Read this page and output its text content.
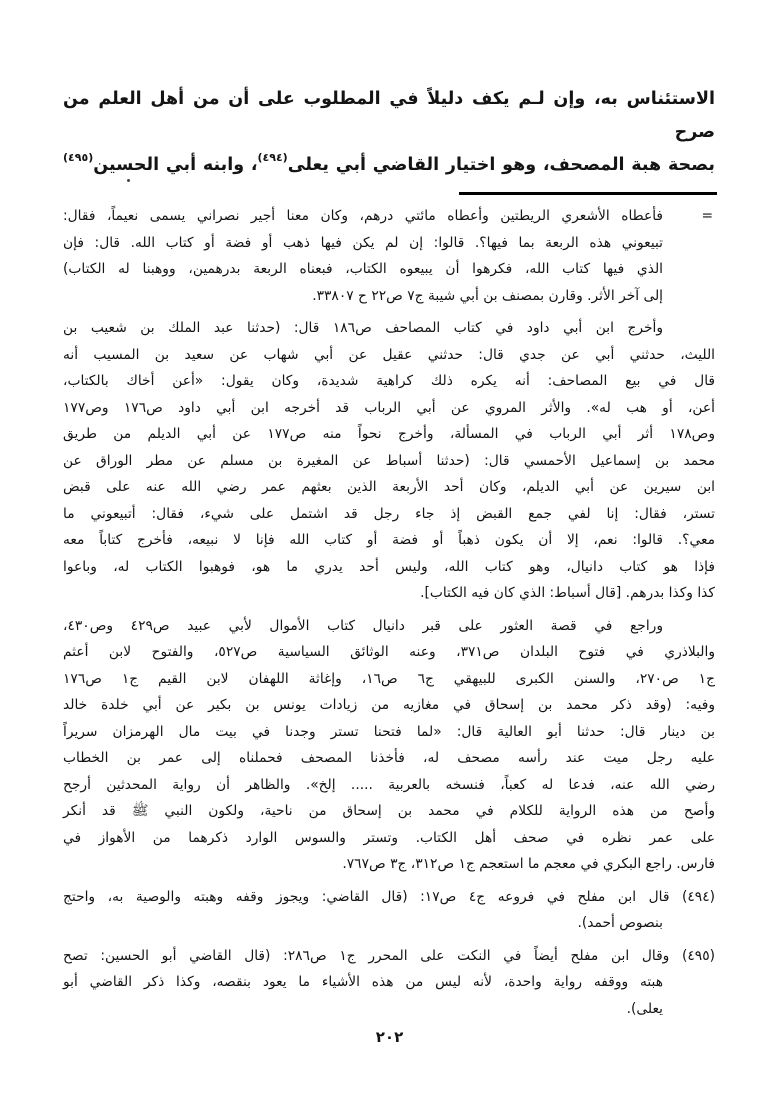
الاستئناس به، وإن لـم يكف دليلاً في المطلوب على أن من أهل العلم من صرح
بصحة هبة المصحف، وهو اختيار القاضي أبي يعلى$^{(٤٩٤)}$، وابنه أبي الحسين$^{(٤٩٥)}$
فأعطاه الأشعري الريطتين وأعطاه مائتي درهم، وكان معنا أجير نصراني يسمى نعيماً، فقال:	=
تبيعوني هذه الربعة بما فيها؟. قالوا: إن لم يكن فيها ذهب أو فضة أو كتاب الله. قال: فإن
الذي فيها كتاب الله، فكرهوا أن يبيعوه الكتاب، فبعناه الربعة بدرهمين، ووهبنا له الكتاب)
إلى آخر الأثر. وقارن بمصنف بن أبي شيبة ج٧ ص٢٢ ح ٣٣٨٠٧.
وأخرج ابن أبي داود في كتاب المصاحف ص١٨٦ قال: (حدثنا عبد الملك بن شعيب بن
الليث، حدثني أبي عن جدي قال: حدثني عقيل عن أبي شهاب عن سعيد بن المسيب أنه
قال في بيع المصاحف: أنه يكره ذلك كراهية شديدة، وكان يقول: «أعن أخاك بالكتاب،
أعن، أو هب له». والأثر المروي عن أبي الرباب قد أخرجه ابن أبي داود ص١٧٦ وص١٧٧
وص١٧٨ أثر أبي الرباب في المسألة، وأخرج نحواً منه ص١٧٧ عن أبي الديلم من طريق
محمد بن إسماعيل الأحمسي قال: (حدثنا أسباط عن المغيرة بن مسلم عن مطر الوراق عن
ابن سيرين عن أبي الديلم، وكان أحد الأربعة الذين بعثهم عمر رضي الله عنه على قبض
تستر، فقال: إنا لفي جمع القبض إذ جاء رجل قد اشتمل على شيء، فقال: أتبيعوني ما
معي؟. قالوا: نعم، إلا أن يكون ذهباً أو فضة أو كتاب الله فإنا لا نبيعه، فأخرج كتاباً معه
فإذا هو كتاب دانيال، وهو كتاب الله، وليس أحد يدري ما هو، فوهبوا الكتاب له، وباعوا
كذا وكذا بدرهم. [قال أسباط: الذي كان فيه الكتاب].
وراجع في قصة العثور على قبر دانيال كتاب الأموال لأبي عبيد ص٤٢٩ وص٤٣٠،
والبلاذري في فتوح البلدان ص٣٧١، وعنه الوثائق السياسية ص٥٢٧، والفتوح لابن أعثم
ج١ ص٢٧٠، والسنن الكبرى للبيهقي ج٦ ص١٦، وإغاثة اللهفان لابن القيم ج١ ص١٧٦
وفيه: (وقد ذكر محمد بن إسحاق في مغازيه من زيادات يونس بن بكير عن أبي خلدة خالد
بن دينار قال: حدثنا أبو العالية قال: «لما فتحنا تستر وجدنا في بيت مال الهرمزان سريراً
عليه رجل ميت عند رأسه مصحف له، فأخذنا المصحف فحملناه إلى عمر بن الخطاب
رضي الله عنه، فدعا له كعباً، فنسخه بالعربية ..... إلخ». والظاهر أن رواية المحدثين أرجح
وأصح من هذه الرواية للكلام في محمد بن إسحاق من ناحية، ولكون النبي ﷺ قد أنكر
على عمر نظره في صحف أهل الكتاب. وتستر والسوس الوارد ذكرهما من الأهواز في
فارس. راجع البكري في معجم ما استعجم ج١ ص٣١٢، ج٣ ص٧٦٧.
(٤٩٤) قال ابن مفلح في فروعه ج٤ ص١٧: (قال القاضي: ويجوز وقفه وهبته والوصية به، واحتج
بنصوص أحمد).
(٤٩٥) وقال ابن مفلح أيضاً في النكت على المحرر ج١ ص٢٨٦: (قال القاضي أبو الحسين: تصح
هبته ووقفه رواية واحدة، لأنه ليس من هذه الأشياء ما يعود بنقصه، وكذا ذكر القاضي أبو
يعلى).
٢٠٢
